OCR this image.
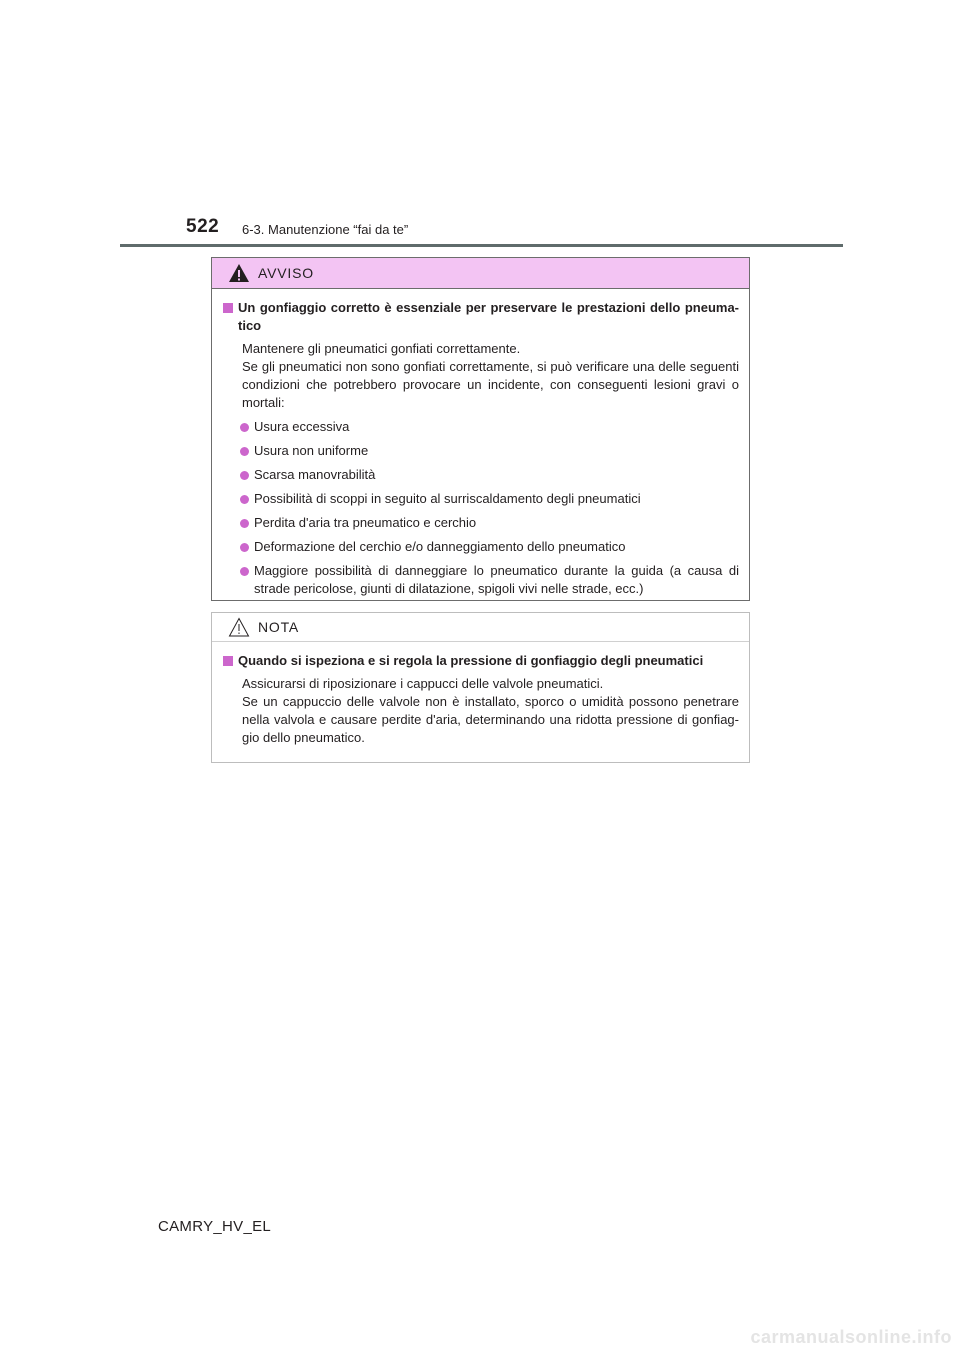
522 6-3. Manutenzione “fai da te”
AVVISO
Un gonfiaggio corretto è essenziale per preservare le prestazioni dello pneuma-tico
Mantenere gli pneumatici gonfiati correttamente.
Se gli pneumatici non sono gonfiati correttamente, si può verificare una delle seguenti condizioni che potrebbero provocare un incidente, con conseguenti lesioni gravi o mortali:
Usura eccessiva
Usura non uniforme
Scarsa manovrabilità
Possibilità di scoppi in seguito al surriscaldamento degli pneumatici
Perdita d'aria tra pneumatico e cerchio
Deformazione del cerchio e/o danneggiamento dello pneumatico
Maggiore possibilità di danneggiare lo pneumatico durante la guida (a causa di strade pericolose, giunti di dilatazione, spigoli vivi nelle strade, ecc.)
NOTA
Quando si ispeziona e si regola la pressione di gonfiaggio degli pneumatici
Assicurarsi di riposizionare i cappucci delle valvole pneumatici.
Se un cappuccio delle valvole non è installato, sporco o umidità possono penetrare nella valvola e causare perdite d'aria, determinando una ridotta pressione di gonfiag-gio dello pneumatico.
CAMRY_HV_EL
carmanualsonline.info
